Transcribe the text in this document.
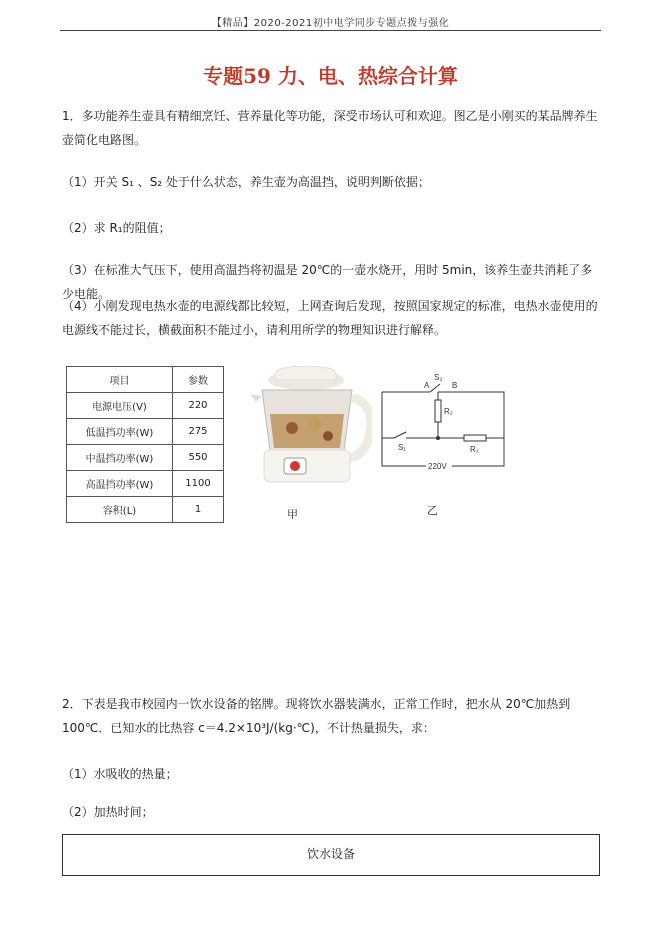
【精品】2020-2021初中电学同步专题点拨与强化
专题59 力、电、热综合计算
1．多功能养生壶具有精细烹饪、营养量化等功能，深受市场认可和欢迎。图乙是小刚买的某品牌养生壶简化电路图。
（1）开关 S₁ 、S₂ 处于什么状态，养生壶为高温挡，说明判断依据；
（2）求 R₁的阻值；
（3）在标准大气压下，使用高温挡将初温是 20℃的一壶水烧开，用时 5min，该养生壶共消耗了多少电能。
（4）小刚发现电热水壶的电源线都比较短，上网查询后发现，按照国家规定的标准，电热水壶使用的电源线不能过长，横截面积不能过小，请利用所学的物理知识进行解释。
项目	参数
电源电压(V)	220
低温挡功率(W)	275
中温挡功率(W)	550
高温挡功率(W)	1100
容积(L)	1	甲
A	B
S₂
R₂
S₁	R₁
220V
乙
2．下表是我市校园内一饮水设备的铭牌。现将饮水器装满水，正常工作时，把水从 20℃加热到 100℃．已知水的比热容 c＝4.2×10³J/(kg·℃)，不计热量损失，求：
（1）水吸收的热量；
（2）加热时间；
饮水设备
